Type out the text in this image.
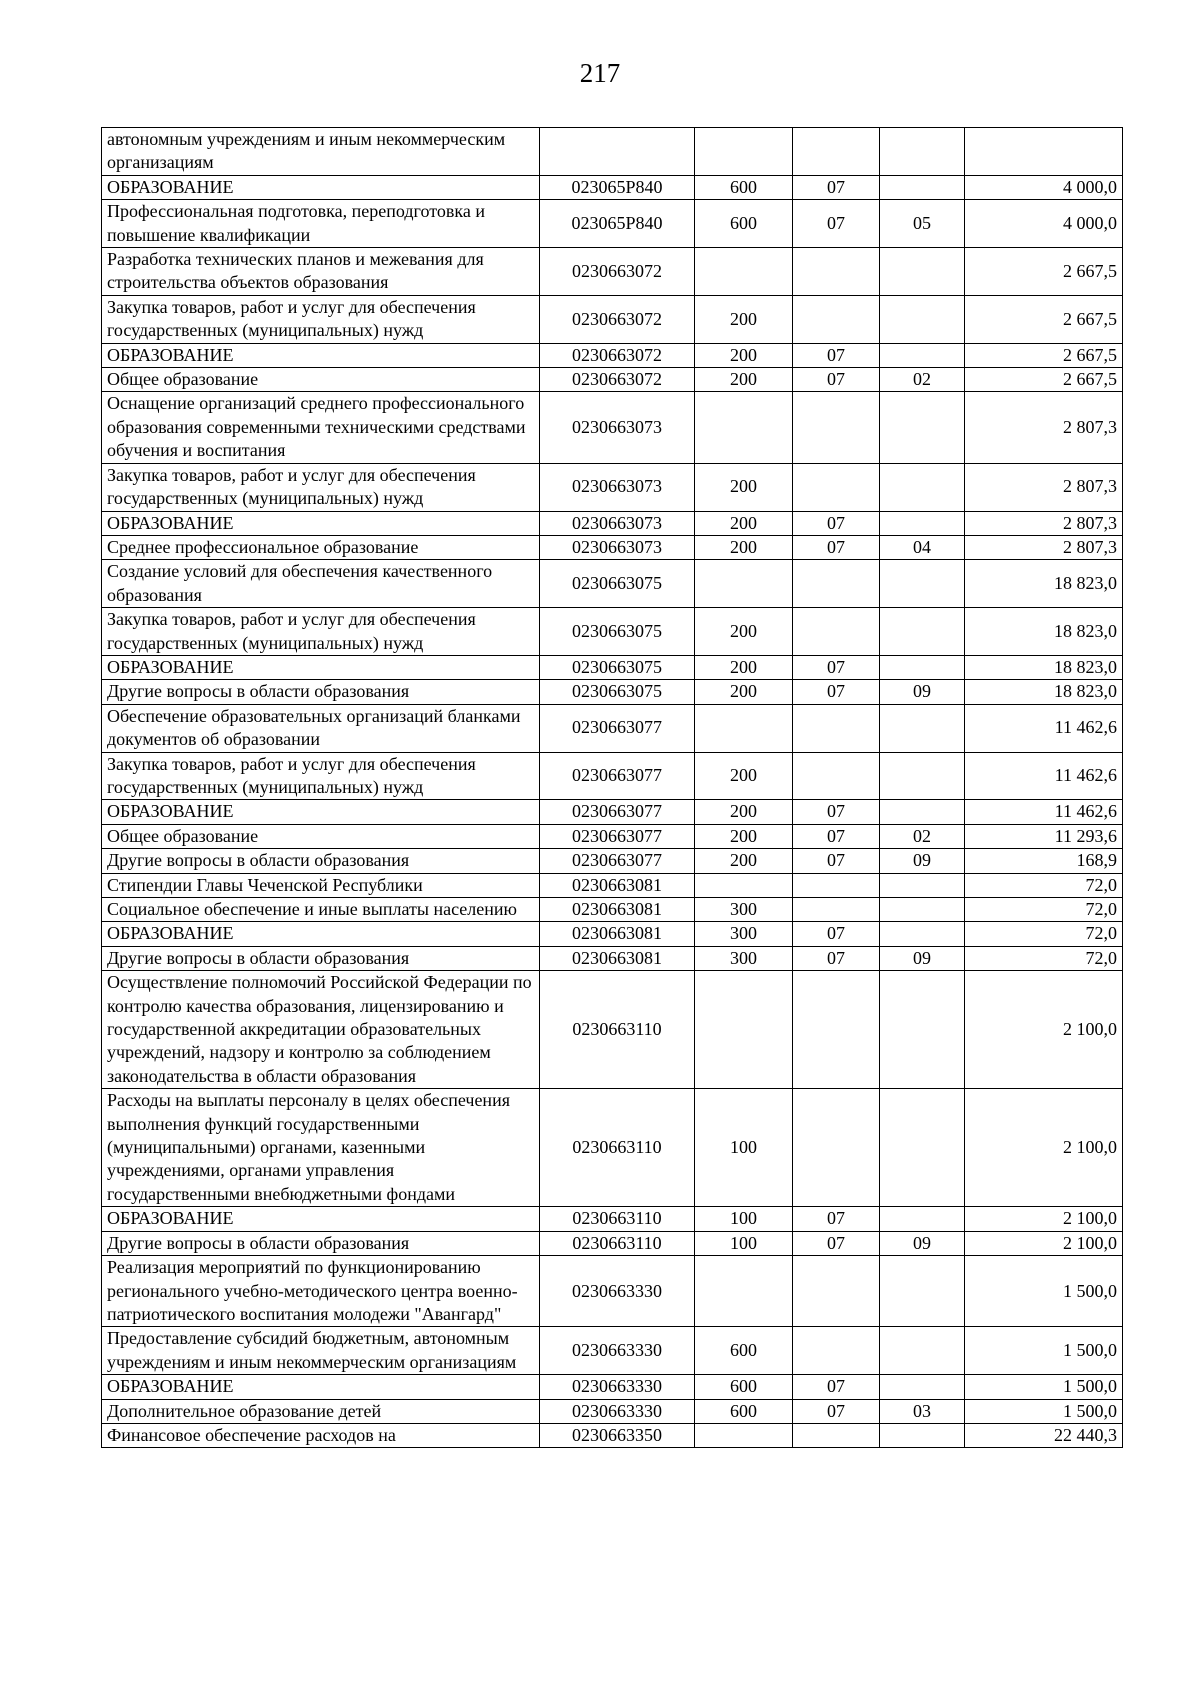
217
автономным учреждениям и иным некоммерческим организациям					
ОБРАЗОВАНИЕ	023065Р840	600	07		4 000,0
Профессиональная подготовка, переподготовка и повышение квалификации	023065Р840	600	07	05	4 000,0
Разработка технических планов и межевания для строительства объектов образования	0230663072				2 667,5
Закупка товаров, работ и услуг для обеспечения государственных (муниципальных) нужд	0230663072	200			2 667,5
ОБРАЗОВАНИЕ	0230663072	200	07		2 667,5
Общее образование	0230663072	200	07	02	2 667,5
Оснащение организаций среднего профессионального образования современными техническими средствами обучения и воспитания	0230663073				2 807,3
Закупка товаров, работ и услуг для обеспечения государственных (муниципальных) нужд	0230663073	200			2 807,3
ОБРАЗОВАНИЕ	0230663073	200	07		2 807,3
Среднее профессиональное образование	0230663073	200	07	04	2 807,3
Создание условий для обеспечения качественного образования	0230663075				18 823,0
Закупка товаров, работ и услуг для обеспечения государственных (муниципальных) нужд	0230663075	200			18 823,0
ОБРАЗОВАНИЕ	0230663075	200	07		18 823,0
Другие вопросы в области образования	0230663075	200	07	09	18 823,0
Обеспечение образовательных организаций бланками документов об образовании	0230663077				11 462,6
Закупка товаров, работ и услуг для обеспечения государственных (муниципальных) нужд	0230663077	200			11 462,6
ОБРАЗОВАНИЕ	0230663077	200	07		11 462,6
Общее образование	0230663077	200	07	02	11 293,6
Другие вопросы в области образования	0230663077	200	07	09	168,9
Стипендии Главы Чеченской Республики	0230663081				72,0
Социальное обеспечение и иные выплаты населению	0230663081	300			72,0
ОБРАЗОВАНИЕ	0230663081	300	07		72,0
Другие вопросы в области образования	0230663081	300	07	09	72,0
Осуществление полномочий Российской Федерации по контролю качества образования, лицензированию и государственной аккредитации образовательных учреждений, надзору и контролю за соблюдением законодательства в области образования	0230663110				2 100,0
Расходы на выплаты персоналу в целях обеспечения выполнения функций государственными (муниципальными) органами, казенными учреждениями, органами управления государственными внебюджетными фондами	0230663110	100			2 100,0
ОБРАЗОВАНИЕ	0230663110	100	07		2 100,0
Другие вопросы в области образования	0230663110	100	07	09	2 100,0
Реализация мероприятий по функционированию регионального учебно-методического центра военно-патриотического воспитания молодежи "Авангард"	0230663330				1 500,0
Предоставление субсидий бюджетным, автономным учреждениям и иным некоммерческим организациям	0230663330	600			1 500,0
ОБРАЗОВАНИЕ	0230663330	600	07		1 500,0
Дополнительное образование детей	0230663330	600	07	03	1 500,0
Финансовое обеспечение расходов на	0230663350				22 440,3
